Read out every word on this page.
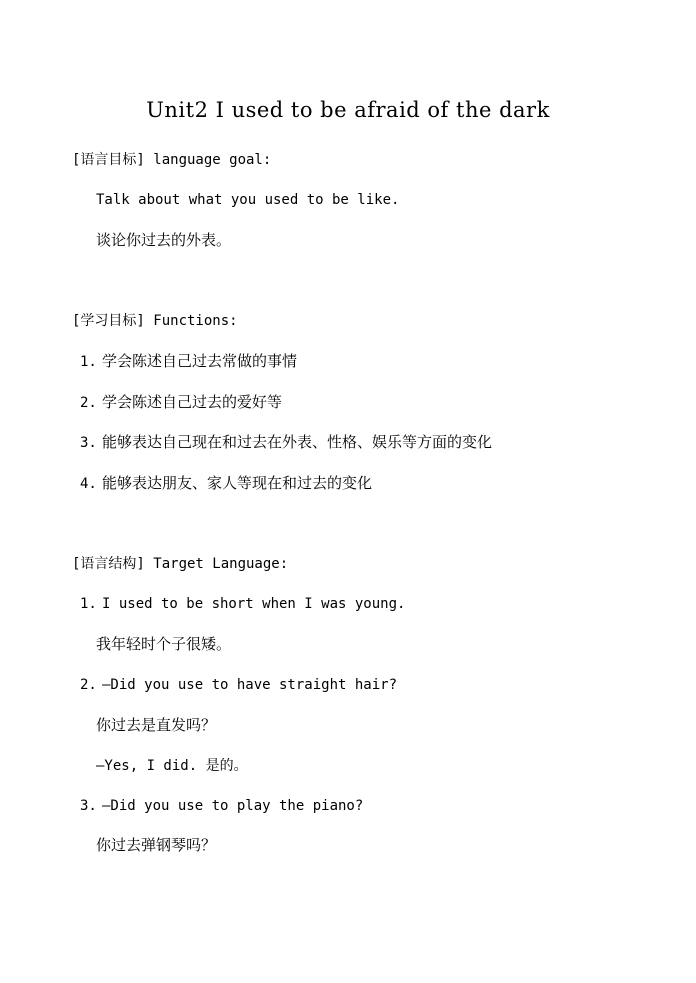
Unit2 I used to be afraid of the dark
[语言目标] language goal:
Talk about what you used to be like.
谈论你过去的外表。
[学习目标] Functions:
1. 学会陈述自己过去常做的事情
2. 学会陈述自己过去的爱好等
3. 能够表达自己现在和过去在外表、性格、娱乐等方面的变化
4. 能够表达朋友、家人等现在和过去的变化
[语言结构] Target Language:
1. I used to be short when I was young.
我年轻时个子很矮。
2. —Did you use to have straight hair?
你过去是直发吗？
—Yes, I did. 是的。
3. —Did you use to play the piano?
你过去弹钢琴吗？
